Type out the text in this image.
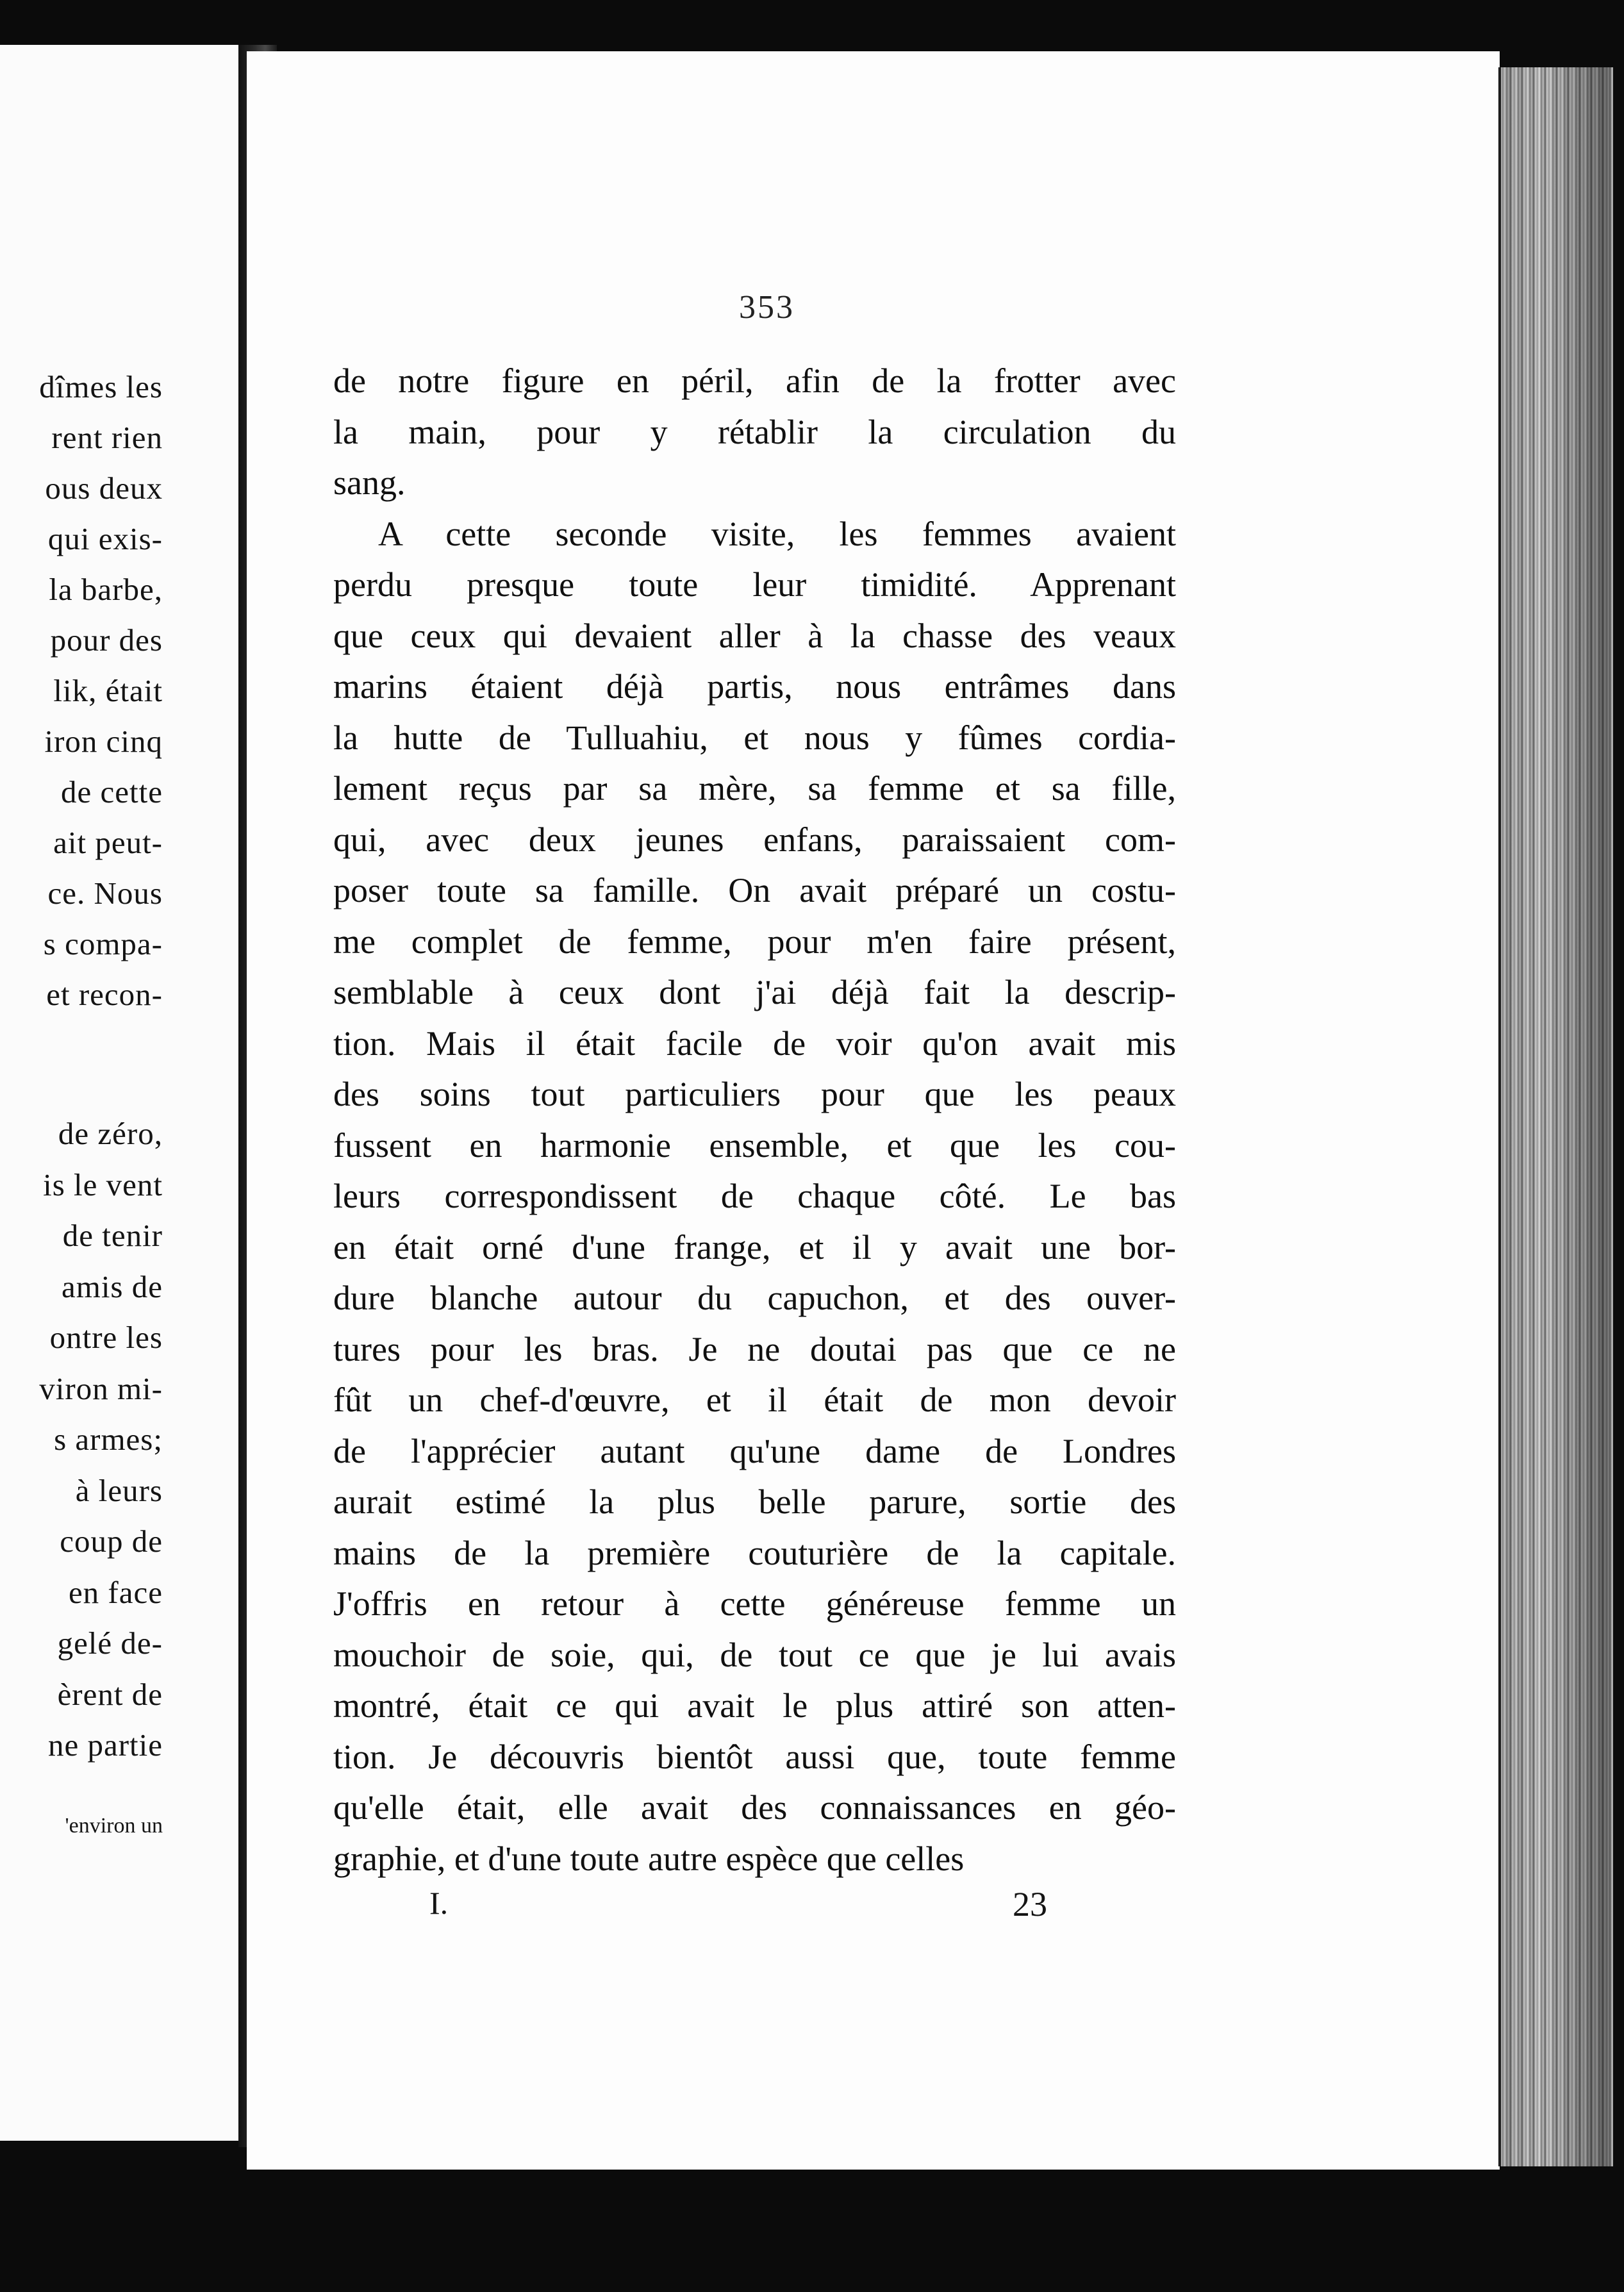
dîmes les
rent rien
ous deux
qui exis-
la barbe,
pour des
lik, était
iron cinq
de cette
ait peut-
ce. Nous
s compa-
et recon-
de zéro,
is le vent
de tenir
amis de
ontre les
viron mi-
s armes;
à leurs
coup de
en face
gelé de-
èrent de
ne partie
'environ un
353
de notre figure en péril, afin de la frotter avec
la main, pour y rétablir la circulation du
sang.
A cette seconde visite, les femmes avaient
perdu presque toute leur timidité. Apprenant
que ceux qui devaient aller à la chasse des veaux
marins étaient déjà partis, nous entrâmes dans
la hutte de Tulluahiu, et nous y fûmes cordia-
lement reçus par sa mère, sa femme et sa fille,
qui, avec deux jeunes enfans, paraissaient com-
poser toute sa famille. On avait préparé un costu-
me complet de femme, pour m'en faire présent,
semblable à ceux dont j'ai déjà fait la descrip-
tion. Mais il était facile de voir qu'on avait mis
des soins tout particuliers pour que les peaux
fussent en harmonie ensemble, et que les cou-
leurs correspondissent de chaque côté. Le bas
en était orné d'une frange, et il y avait une bor-
dure blanche autour du capuchon, et des ouver-
tures pour les bras. Je ne doutai pas que ce ne
fût un chef-d'œuvre, et il était de mon devoir
de l'apprécier autant qu'une dame de Londres
aurait estimé la plus belle parure, sortie des
mains de la première couturière de la capitale.
J'offris en retour à cette généreuse femme un
mouchoir de soie, qui, de tout ce que je lui avais
montré, était ce qui avait le plus attiré son atten-
tion. Je découvris bientôt aussi que, toute femme
qu'elle était, elle avait des connaissances en géo-
graphie, et d'une toute autre espèce que celles
I.	23
